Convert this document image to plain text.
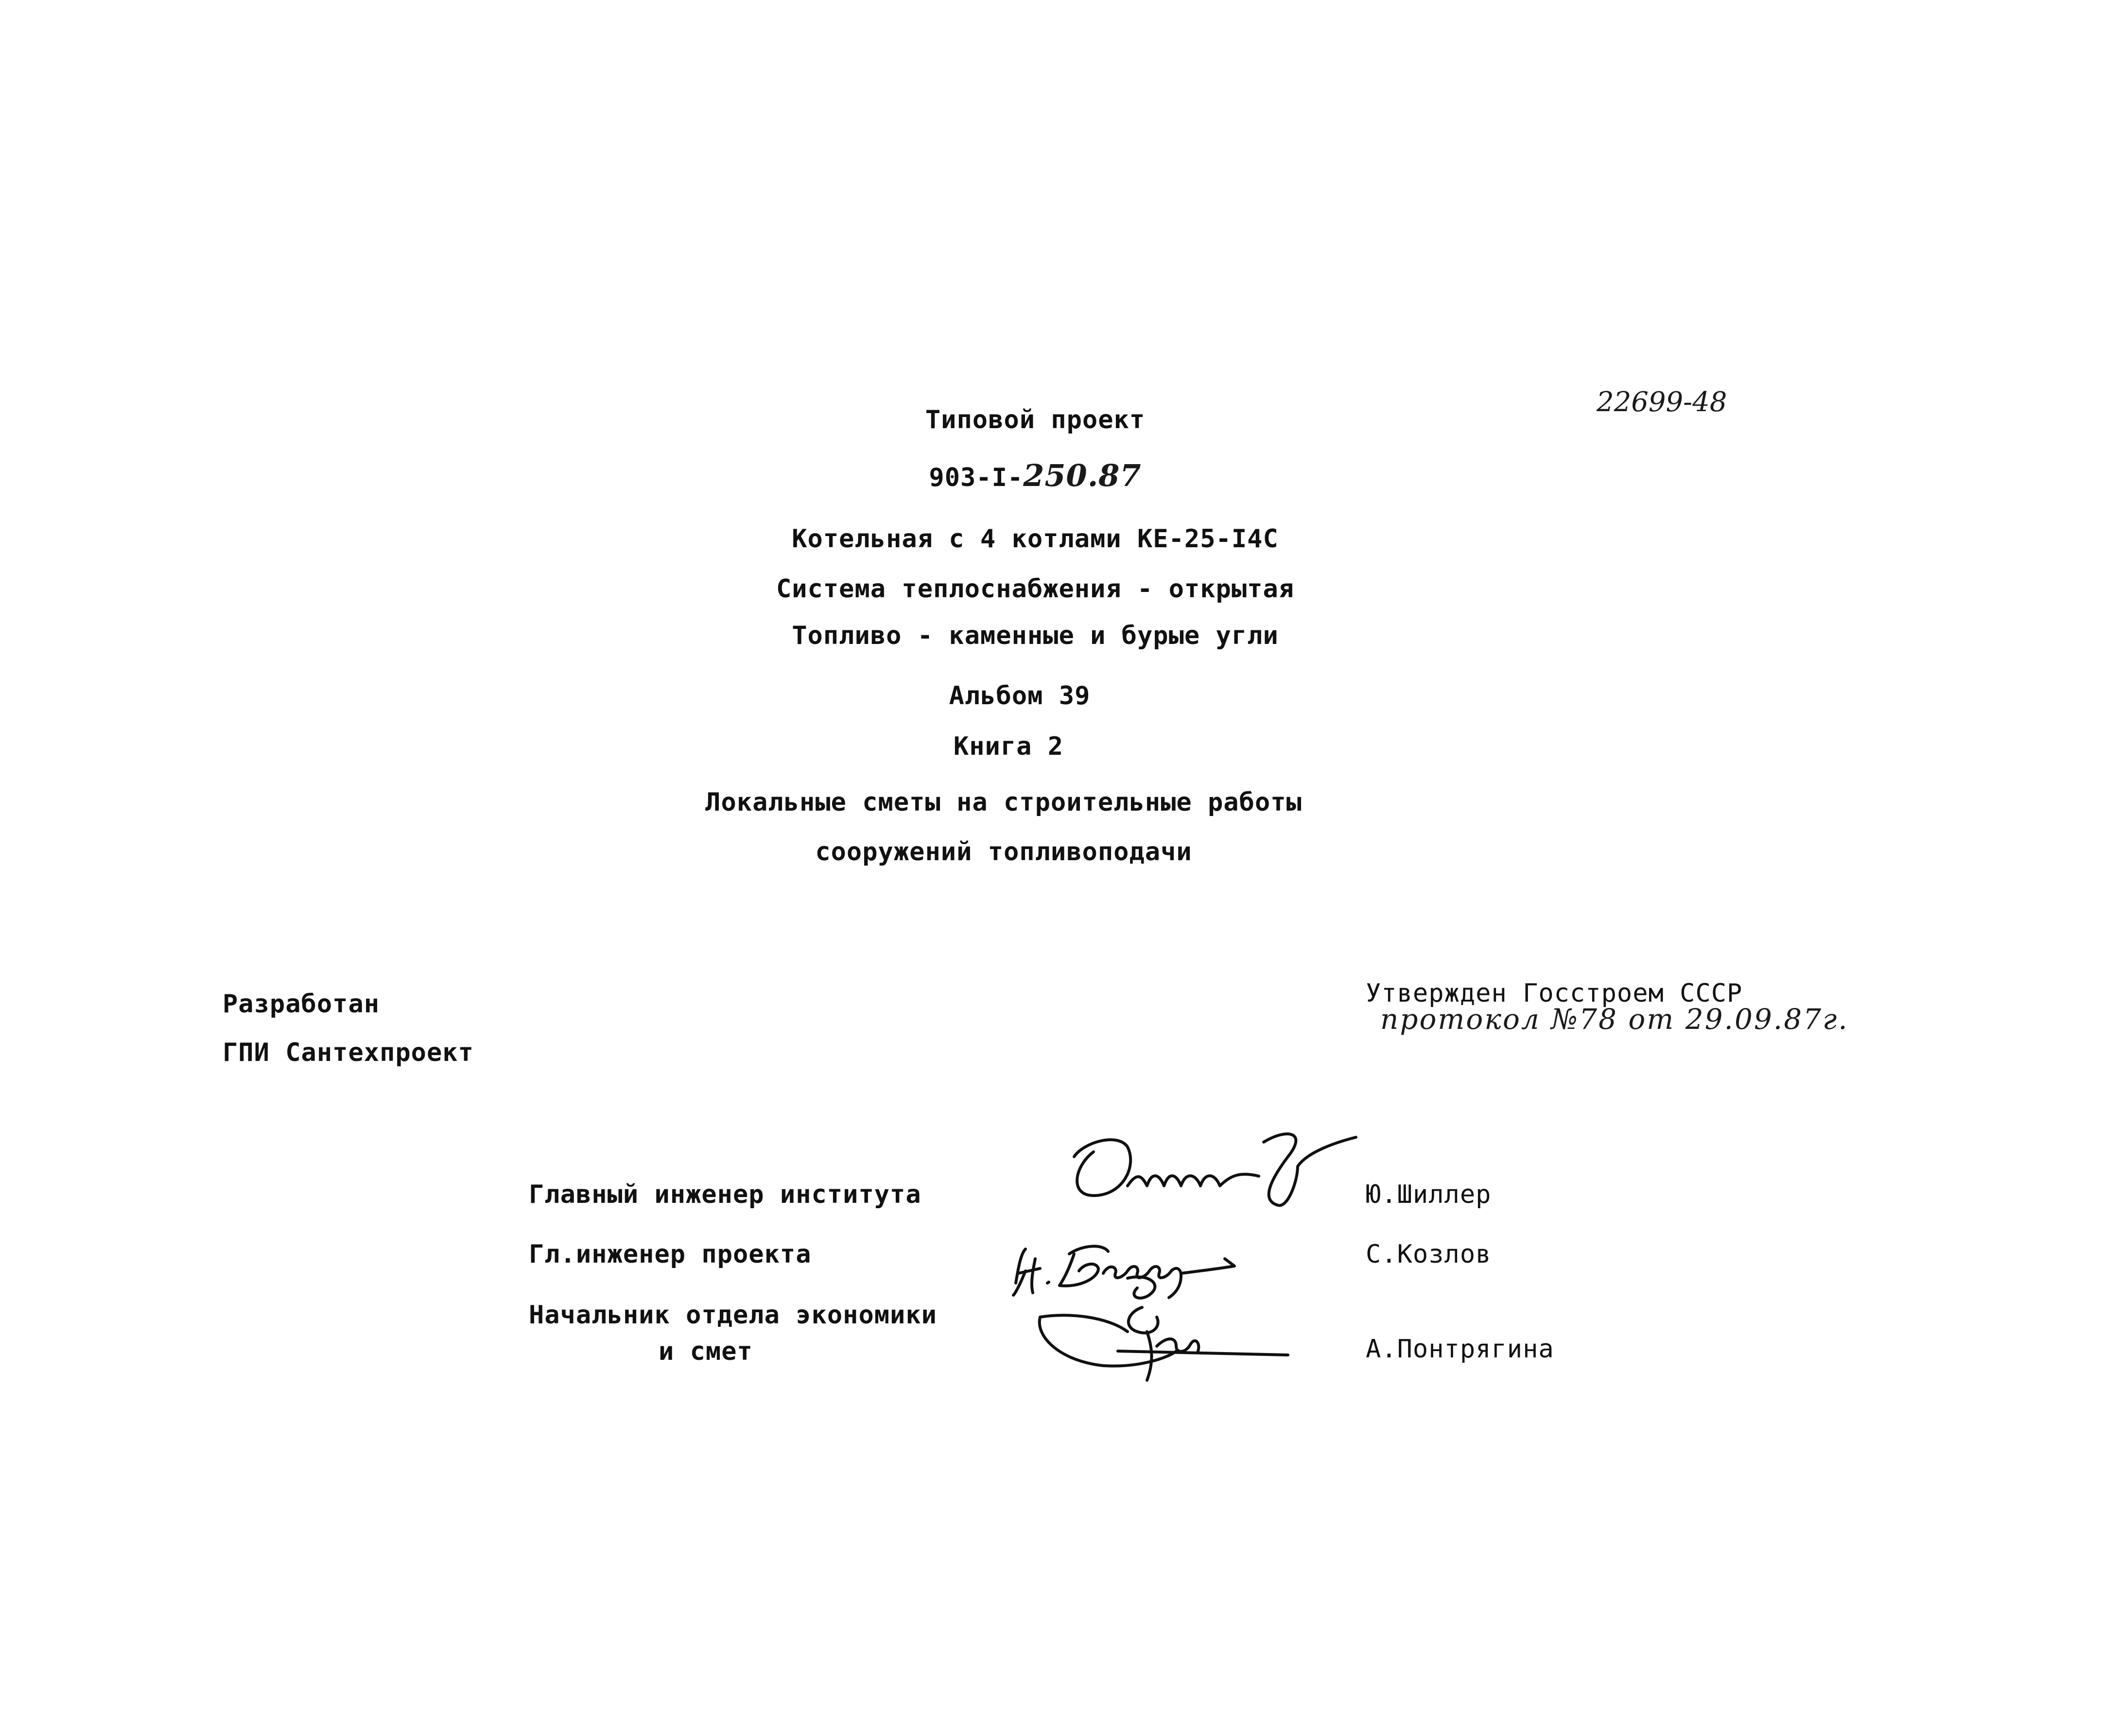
22699-48
Типовой проект
903-I-250.87
Котельная с 4 котлами КЕ-25-I4С
Система теплоснабжения - открытая
Топливо - каменные и бурые угли
Альбом 39
Книга 2
Локальные сметы на строительные работы
сооружений топливоподачи
Разработан
ГПИ Сантехпроект
Утвержден Госстроем СССР
протокол №78 от 29.09.87г.
Главный инженер института	Ю.Шиллер
Гл.инженер проекта	С.Козлов
Начальник отдела экономики
и смет	А.Понтрягина
